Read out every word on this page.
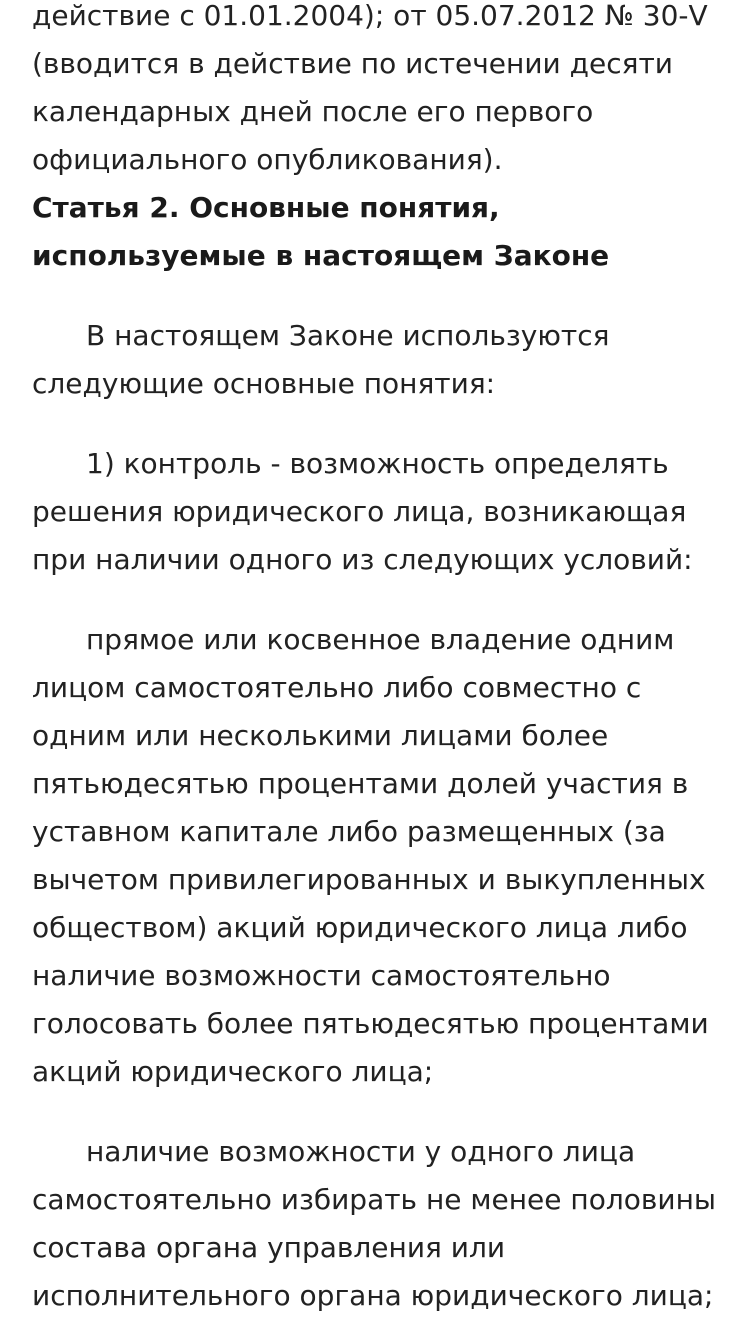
действие с 01.01.2004); от 05.07.2012 № 30-V
(вводится в действие по истечении десяти
календарных дней после его первого
официального опубликования).
Статья 2. Основные понятия,
используемые в настоящем Законе
В настоящем Законе используются
следующие основные понятия:
1) контроль - возможность определять
решения юридического лица, возникающая
при наличии одного из следующих условий:
прямое или косвенное владение одним
лицом самостоятельно либо совместно с
одним или несколькими лицами более
пятьюдесятью процентами долей участия в
уставном капитале либо размещенных (за
вычетом привилегированных и выкупленных
обществом) акций юридического лица либо
наличие возможности самостоятельно
голосовать более пятьюдесятью процентами
акций юридического лица;
наличие возможности у одного лица
самостоятельно избирать не менее половины
состава органа управления или
исполнительного органа юридического лица;
